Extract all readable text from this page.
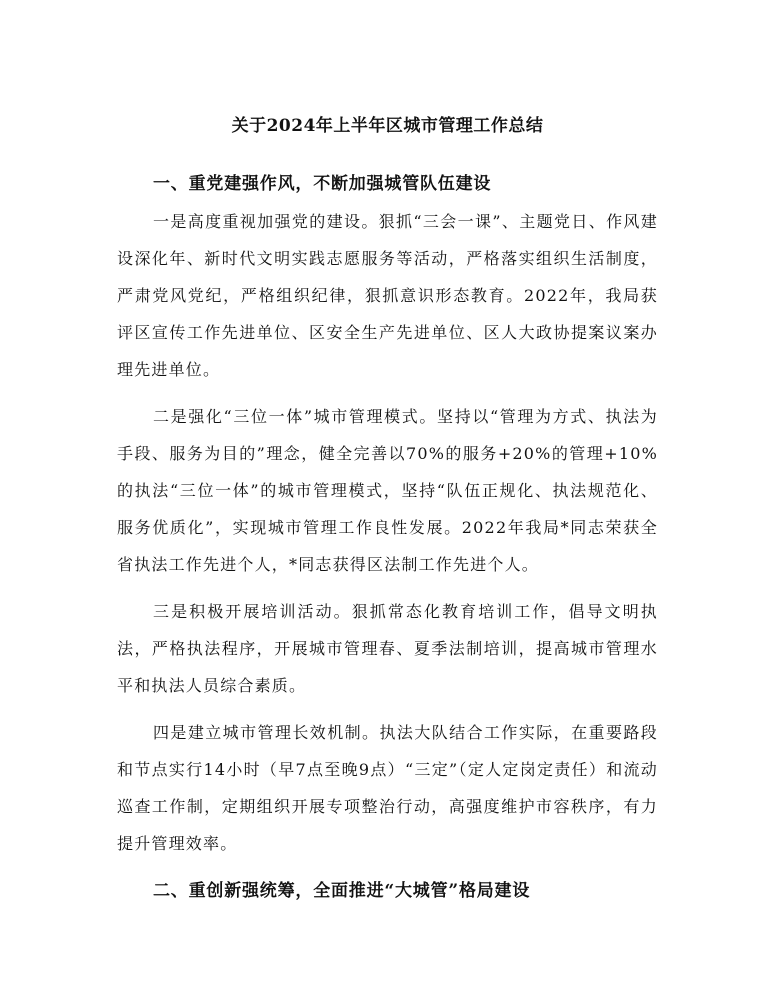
关于2024年上半年区城市管理工作总结
一、重党建强作风，不断加强城管队伍建设

一是高度重视加强党的建设。狠抓“三会一课”、主题党日、作风建设深化年、新时代文明实践志愿服务等活动，严格落实组织生活制度，严肃党风党纪，严格组织纪律，狠抓意识形态教育。2022年，我局获评区宣传工作先进单位、区安全生产先进单位、区人大政协提案议案办理先进单位。

二是强化“三位一体”城市管理模式。坚持以“管理为方式、执法为手段、服务为目的”理念，健全完善以70%的服务+20%的管理+10%的执法“三位一体”的城市管理模式，坚持“队伍正规化、执法规范化、服务优质化”，实现城市管理工作良性发展。2022年我局*同志荣获全省执法工作先进个人，*同志获得区法制工作先进个人。

三是积极开展培训活动。狠抓常态化教育培训工作，倡导文明执法，严格执法程序，开展城市管理春、夏季法制培训，提高城市管理水平和执法人员综合素质。

四是建立城市管理长效机制。执法大队结合工作实际，在重要路段和节点实行14小时（早7点至晚9点）“三定”（定人定岗定责任）和流动巡查工作制，定期组织开展专项整治行动，高强度维护市容秩序，有力提升管理效率。

二、重创新强统筹，全面推进“大城管”格局建设
